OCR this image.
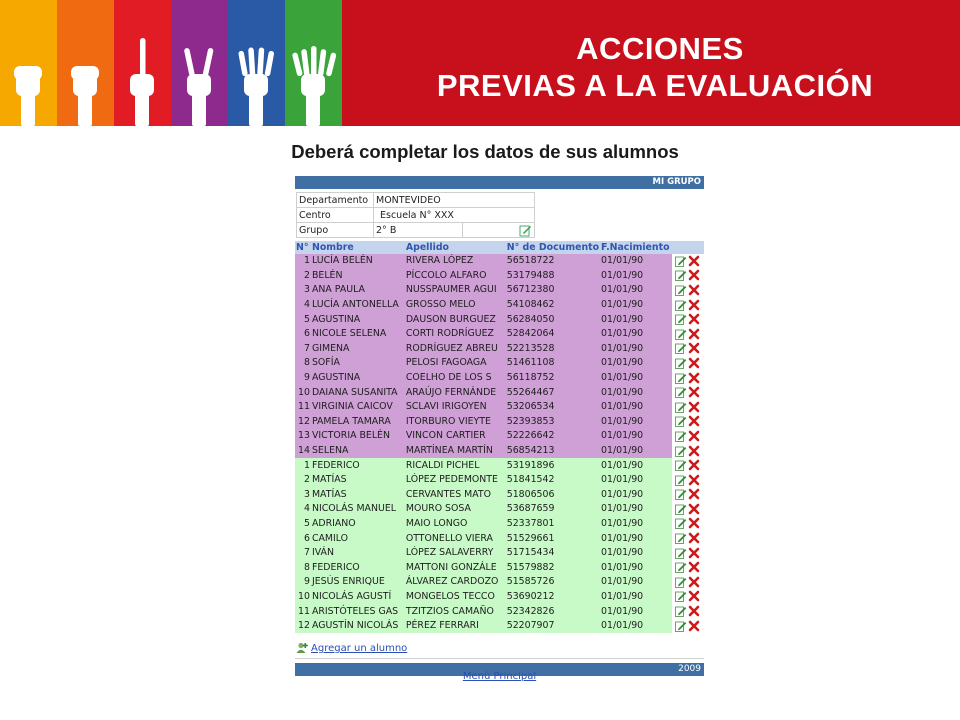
ACCIONES
PREVIAS A LA EVALUACIÓN
Deberá completar los datos de sus alumnos
MI GRUPO
Departamento	MONTEVIDEO
Centro	Escuela N° XXX
Grupo	2° B
N°	Nombre	Apellido	N° de Documento	F.Nacimiento	
1	LUCÍA BELÉN	RIVERA LÓPEZ	56518722	01/01/90	
2	BELÉN	PÍCCOLO ALFARO	53179488	01/01/90	
3	ANA PAULA	NUSSPAUMER AGUI	56712380	01/01/90	
4	LUCÍA ANTONELLA	GROSSO MELO	54108462	01/01/90	
5	AGUSTINA	DAUSON BURGUEZ	56284050	01/01/90	
6	NICOLE SELENA	CORTI RODRÍGUEZ	52842064	01/01/90	
7	GIMENA	RODRÍGUEZ ABREU	52213528	01/01/90	
8	SOFÍA	PELOSI FAGOAGA	51461108	01/01/90	
9	AGUSTINA	COELHO DE LOS S	56118752	01/01/90	
10	DAIANA SUSANITA	ARAÚJO FERNÁNDE	55264467	01/01/90	
11	VIRGINIA CAICOV	SCLAVI IRIGOYEN	53206534	01/01/90	
12	PAMELA TAMARA	ITORBURO VIEYTE	52393853	01/01/90	
13	VICTORIA BELÉN	VINCON CARTIER	52226642	01/01/90	
14	SELENA	MARTÍNEA MARTÍN	56854213	01/01/90	
1	FEDERICO	RICALDI PICHEL	53191896	01/01/90	
2	MATÍAS	LÓPEZ PEDEMONTE	51841542	01/01/90	
3	MATÍAS	CERVANTES MATO	51806506	01/01/90	
4	NICOLÁS MANUEL	MOURO SOSA	53687659	01/01/90	
5	ADRIANO	MAIO LONGO	52337801	01/01/90	
6	CAMILO	OTTONELLO VIERA	51529661	01/01/90	
7	IVÁN	LÓPEZ SALAVERRY	51715434	01/01/90	
8	FEDERICO	MATTONI GONZÁLE	51579882	01/01/90	
9	JESÚS ENRIQUE	ÁLVAREZ CARDOZO	51585726	01/01/90	
10	NICOLÁS AGUSTÍ	MONGELOS TECCO	53690212	01/01/90	
11	ARISTÓTELES GAS	TZITZIOS CAMAÑO	52342826	01/01/90	
12	AGUSTÍN NICOLÁS	PÉREZ FERRARI	52207907	01/01/90	
Agregar un alumno
2009
Menú Principal
